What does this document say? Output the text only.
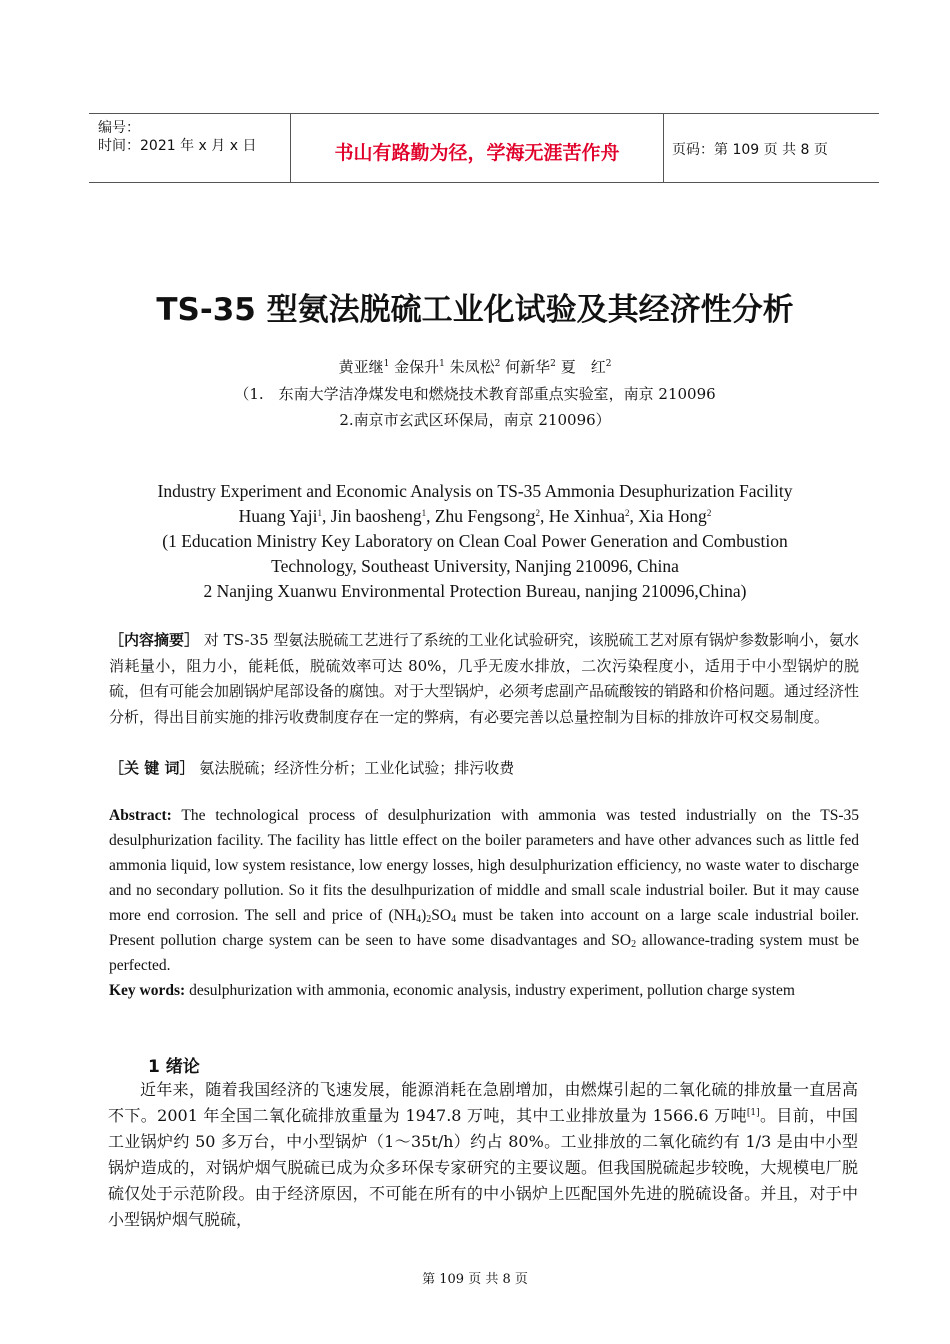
编号：
时间：2021 年 x 月 x 日	书山有路勤为径，学海无涯苦作舟	页码：第 109 页 共 8 页
TS-35 型氨法脱硫工业化试验及其经济性分析
黄亚继$^1$ 金保升$^1$ 朱凤松$^2$ 何新华$^2$ 夏　红$^2$
（1.　东南大学洁净煤发电和燃烧技术教育部重点实验室，南京 210096
2.南京市玄武区环保局，南京 210096）
Industry Experiment and Economic Analysis on TS-35 Ammonia Desuphurization Facility
Huang Yaji$^1$, Jin baosheng$^1$, Zhu Fengsong$^2$, He Xinhua$^2$, Xia Hong$^2$
(1 Education Ministry Key Laboratory on Clean Coal Power Generation and Combustion
Technology, Southeast University, Nanjing 210096, China
2 Nanjing Xuanwu Environmental Protection Bureau, nanjing 210096,China)
［内容摘要］ 对 TS-35 型氨法脱硫工艺进行了系统的工业化试验研究，该脱硫工艺对原有锅炉参数影响小，氨水消耗量小，阻力小，能耗低，脱硫效率可达 80%，几乎无废水排放，二次污染程度小，适用于中小型锅炉的脱硫，但有可能会加剧锅炉尾部设备的腐蚀。对于大型锅炉，必须考虑副产品硫酸铵的销路和价格问题。通过经济性分析，得出目前实施的排污收费制度存在一定的弊病，有必要完善以总量控制为目标的排放许可权交易制度。
［关 键 词］ 氨法脱硫；经济性分析；工业化试验；排污收费
Abstract: The technological process of desulphurization with ammonia was tested industrially on the TS-35 desulphurization facility. The facility has little effect on the boiler parameters and have other advances such as little fed ammonia liquid, low system resistance, low energy losses, high desulphurization efficiency, no waste water to discharge and no secondary pollution. So it fits the desulhpurization of middle and small scale industrial boiler. But it may cause more end corrosion. The sell and price of $(NH_4)_2SO_4$ must be taken into account on a large scale industrial boiler. Present pollution charge system can be seen to have some disadvantages and $SO_2$ allowance-trading system must be perfected.
Key words: desulphurization with ammonia, economic analysis, industry experiment, pollution charge system
1 绪论
近年来，随着我国经济的飞速发展，能源消耗在急剧增加，由燃煤引起的二氧化硫的排放量一直居高不下。2001 年全国二氧化硫排放重量为 1947.8 万吨，其中工业排放量为 1566.6 万吨[1]。目前，中国工业锅炉约 50 多万台，中小型锅炉（1～35t/h）约占 80%。工业排放的二氧化硫约有 1/3 是由中小型锅炉造成的，对锅炉烟气脱硫已成为众多环保专家研究的主要议题。但我国脱硫起步较晚，大规模电厂脱硫仅处于示范阶段。由于经济原因，不可能在所有的中小锅炉上匹配国外先进的脱硫设备。并且，对于中小型锅炉烟气脱硫，
第 109 页 共 8 页
